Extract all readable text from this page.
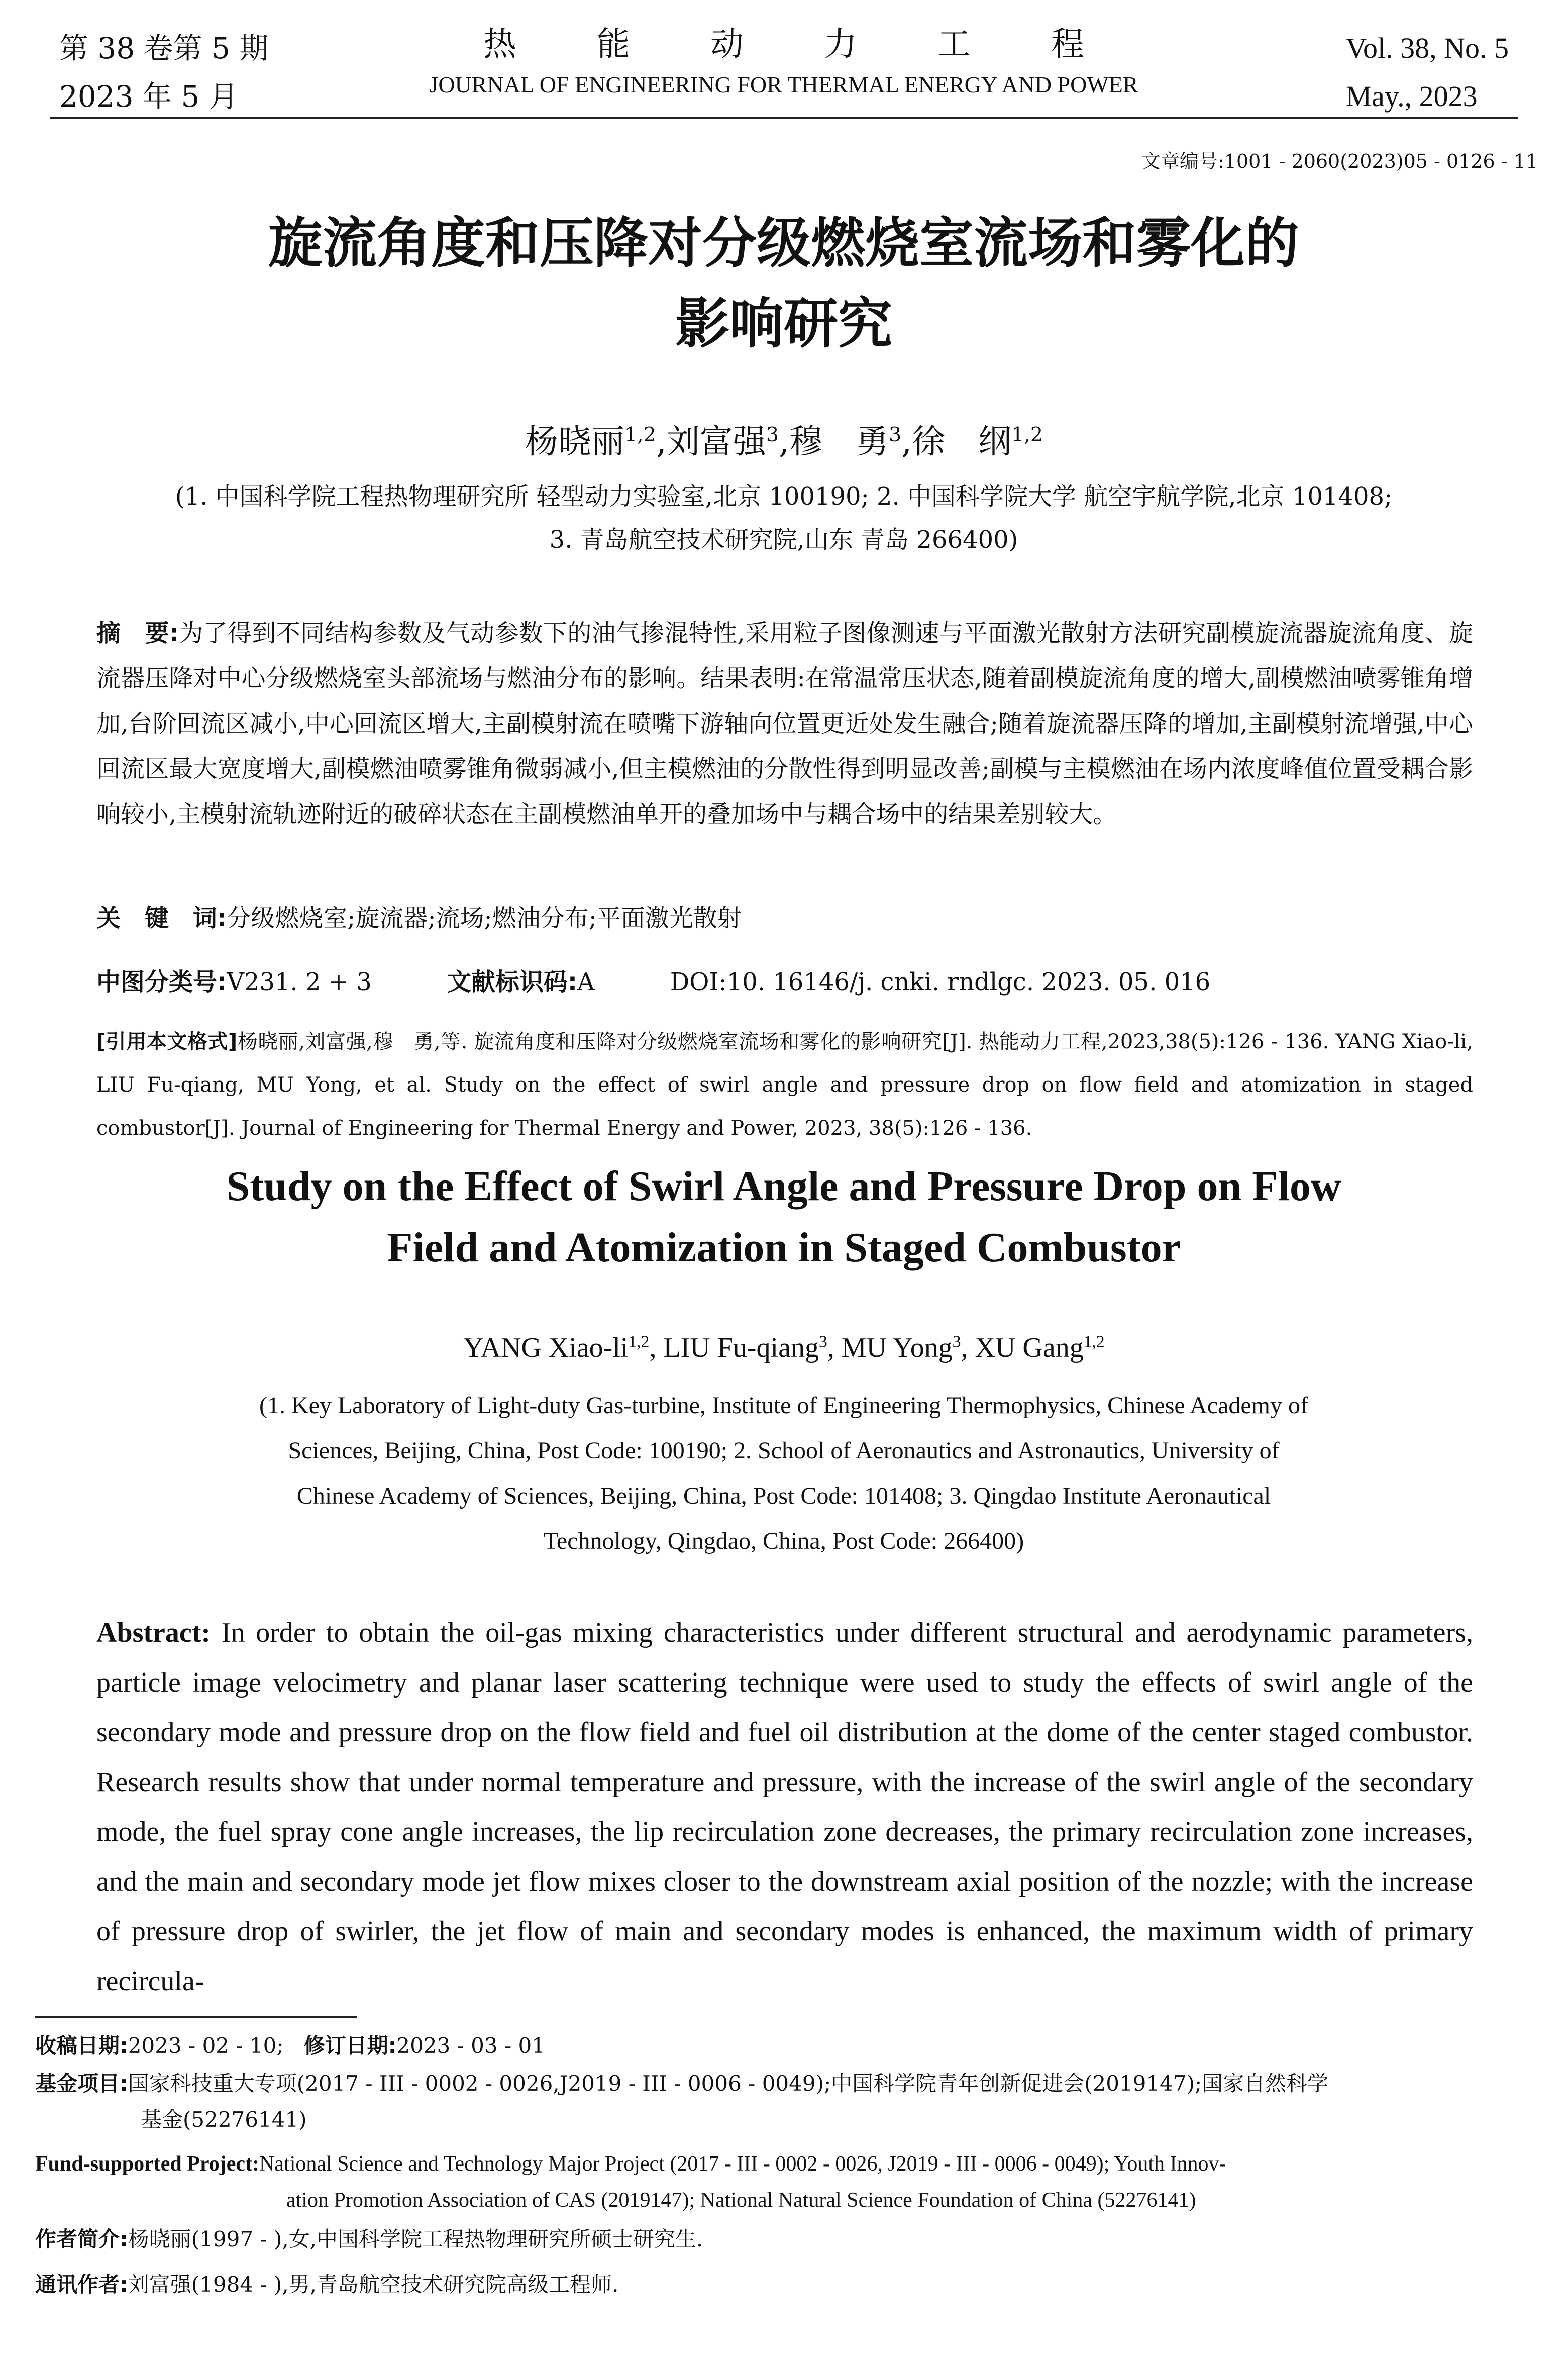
第 38 卷第 5 期
2023 年 5 月
热能动力工程
JOURNAL OF ENGINEERING FOR THERMAL ENERGY AND POWER
Vol. 38, No. 5
May., 2023
文章编号:1001 - 2060(2023)05 - 0126 - 11
旋流角度和压降对分级燃烧室流场和雾化的
影响研究
杨晓丽$^{1,2}$,刘富强$^3$,穆　勇$^3$,徐　纲$^{1,2}$
(1. 中国科学院工程热物理研究所 轻型动力实验室,北京 100190; 2. 中国科学院大学 航空宇航学院,北京 101408;
3. 青岛航空技术研究院,山东 青岛 266400)
摘　要:为了得到不同结构参数及气动参数下的油气掺混特性,采用粒子图像测速与平面激光散射方法研究副模旋流器旋流角度、旋流器压降对中心分级燃烧室头部流场与燃油分布的影响。结果表明:在常温常压状态,随着副模旋流角度的增大,副模燃油喷雾锥角增加,台阶回流区减小,中心回流区增大,主副模射流在喷嘴下游轴向位置更近处发生融合;随着旋流器压降的增加,主副模射流增强,中心回流区最大宽度增大,副模燃油喷雾锥角微弱减小,但主模燃油的分散性得到明显改善;副模与主模燃油在场内浓度峰值位置受耦合影响较小,主模射流轨迹附近的破碎状态在主副模燃油单开的叠加场中与耦合场中的结果差别较大。
关　键　词:分级燃烧室;旋流器;流场;燃油分布;平面激光散射
中图分类号:V231. 2 + 3	文献标识码:A	DOI:10. 16146/j. cnki. rndlgc. 2023. 05. 016
[引用本文格式]杨晓丽,刘富强,穆　勇,等. 旋流角度和压降对分级燃烧室流场和雾化的影响研究[J]. 热能动力工程,2023,38(5):126 - 136. YANG Xiao-li, LIU Fu-qiang, MU Yong, et al. Study on the effect of swirl angle and pressure drop on flow field and atomization in staged combustor[J]. Journal of Engineering for Thermal Energy and Power, 2023, 38(5):126 - 136.
Study on the Effect of Swirl Angle and Pressure Drop on Flow
Field and Atomization in Staged Combustor
YANG Xiao-li$^{1,2}$, LIU Fu-qiang$^3$, MU Yong$^3$, XU Gang$^{1,2}$
(1. Key Laboratory of Light-duty Gas-turbine, Institute of Engineering Thermophysics, Chinese Academy of
Sciences, Beijing, China, Post Code: 100190; 2. School of Aeronautics and Astronautics, University of
Chinese Academy of Sciences, Beijing, China, Post Code: 101408; 3. Qingdao Institute Aeronautical
Technology, Qingdao, China, Post Code: 266400)
Abstract: In order to obtain the oil-gas mixing characteristics under different structural and aerodynamic parameters, particle image velocimetry and planar laser scattering technique were used to study the effects of swirl angle of the secondary mode and pressure drop on the flow field and fuel oil distribution at the dome of the center staged combustor. Research results show that under normal temperature and pressure, with the increase of the swirl angle of the secondary mode, the fuel spray cone angle increases, the lip recirculation zone decreases, the primary recirculation zone increases, and the main and secondary mode jet flow mixes closer to the downstream axial position of the nozzle; with the increase of pressure drop of swirler, the jet flow of main and secondary modes is enhanced, the maximum width of primary recircula-
收稿日期:2023 - 02 - 10; 修订日期:2023 - 03 - 01
基金项目:国家科技重大专项(2017 - III - 0002 - 0026,J2019 - III - 0006 - 0049);中国科学院青年创新促进会(2019147);国家自然科学
基金(52276141)
Fund-supported Project:National Science and Technology Major Project (2017 - III - 0002 - 0026, J2019 - III - 0006 - 0049); Youth Innov-
ation Promotion Association of CAS (2019147); National Natural Science Foundation of China (52276141)
作者简介:杨晓丽(1997 - ),女,中国科学院工程热物理研究所硕士研究生.
通讯作者:刘富强(1984 - ),男,青岛航空技术研究院高级工程师.
